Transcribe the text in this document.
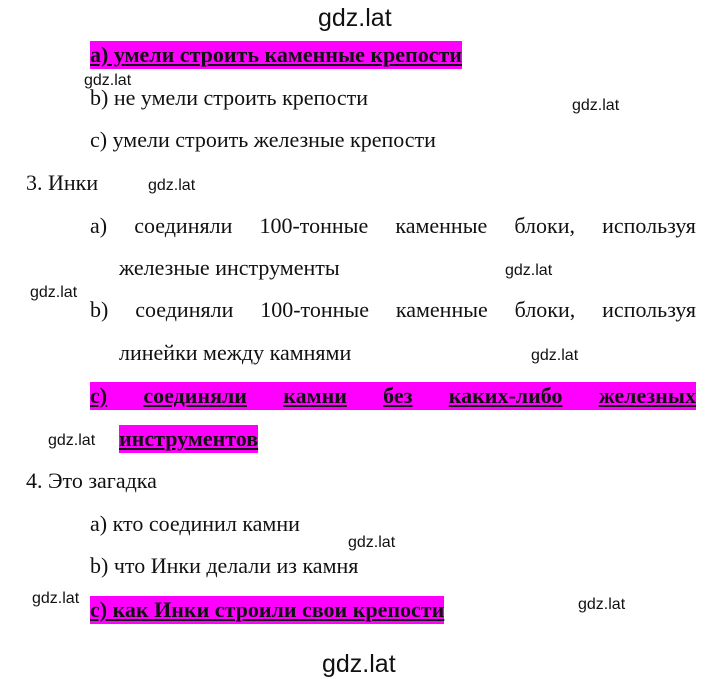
gdz.lat
gdz.lat
gdz.lat
gdz.lat
gdz.lat
gdz.lat
gdz.lat
gdz.lat
gdz.lat
gdz.lat	gdz.lat
gdz.lat
a) умели строить каменные крепости
b) не умели строить крепости
c) умели строить железные крепости
3. Инки
a) соединяли 100-тонные каменные блоки, используя
железные инструменты
b) соединяли 100-тонные каменные блоки, используя
линейки между камнями
c) соединяли камни без каких-либо железных
инструментов
4. Это загадка
a) кто соединил камни
b) что Инки делали из камня
c) как Инки строили свои крепости
